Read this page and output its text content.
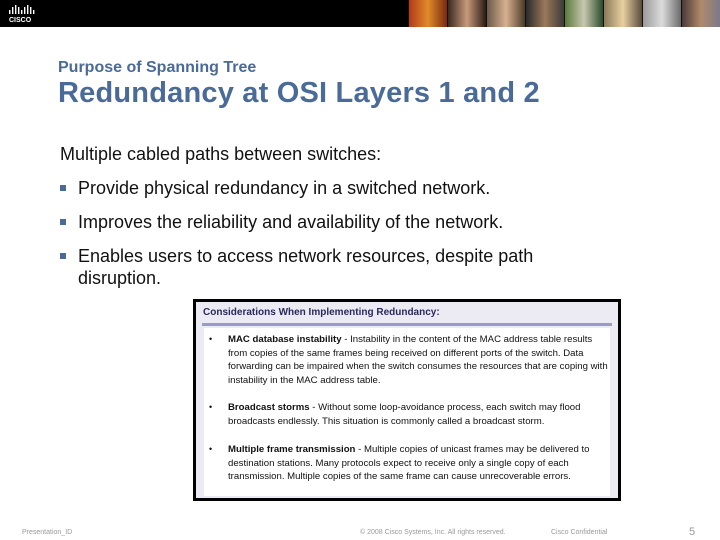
CISCO
Purpose of Spanning Tree
Redundancy at OSI Layers 1 and 2
Multiple cabled paths between switches:
Provide physical redundancy in a switched network.
Improves the reliability and availability of the network.
Enables users to access network resources, despite path disruption.
Considerations When Implementing Redundancy:
• MAC database instability - Instability in the content of the MAC address table results from copies of the same frames being received on different ports of the switch. Data forwarding can be impaired when the switch consumes the resources that are coping with instability in the MAC address table.
• Broadcast storms - Without some loop-avoidance process, each switch may flood broadcasts endlessly. This situation is commonly called a broadcast storm.
• Multiple frame transmission - Multiple copies of unicast frames may be delivered to destination stations. Many protocols expect to receive only a single copy of each transmission. Multiple copies of the same frame can cause unrecoverable errors.
Presentation_ID	© 2008 Cisco Systems, Inc. All rights reserved.	Cisco Confidential	5
